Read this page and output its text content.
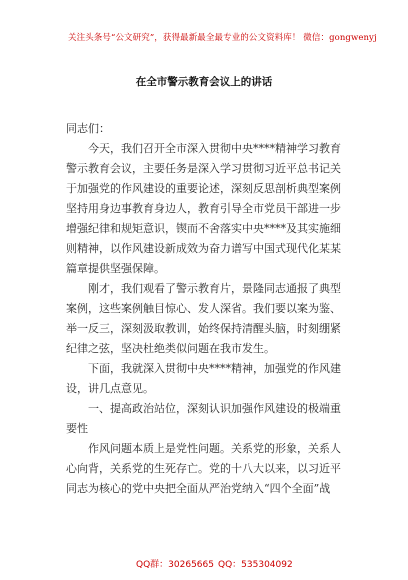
关注头条号“公文研究”，获得最新最全最专业的公文资料库！ 微信：gongwenyj
在全市警示教育会议上的讲话
同志们：
今天，我们召开全市深入贯彻中央****精神学习教育
警示教育会议，主要任务是深入学习贯彻习近平总书记关
于加强党的作风建设的重要论述，深刻反思剖析典型案例
坚持用身边事教育身边人，教育引导全市党员干部进一步
增强纪律和规矩意识，锲而不舍落实中央****及其实施细
则精神，以作风建设新成效为奋力谱写中国式现代化某某
篇章提供坚强保障。
刚才，我们观看了警示教育片，景隆同志通报了典型
案例，这些案例触目惊心、发人深省。我们要以案为鉴、
举一反三，深刻汲取教训，始终保持清醒头脑，时刻绷紧
纪律之弦，坚决杜绝类似问题在我市发生。
下面，我就深入贯彻中央****精神，加强党的作风建
设，讲几点意见。
一、提高政治站位，深刻认识加强作风建设的极端重
要性
作风问题本质上是党性问题。关系党的形象，关系人
心向背，关系党的生死存亡。党的十八大以来，以习近平
同志为核心的党中央把全面从严治党纳入“四个全面”战
QQ群：30265665 QQ：535304092
